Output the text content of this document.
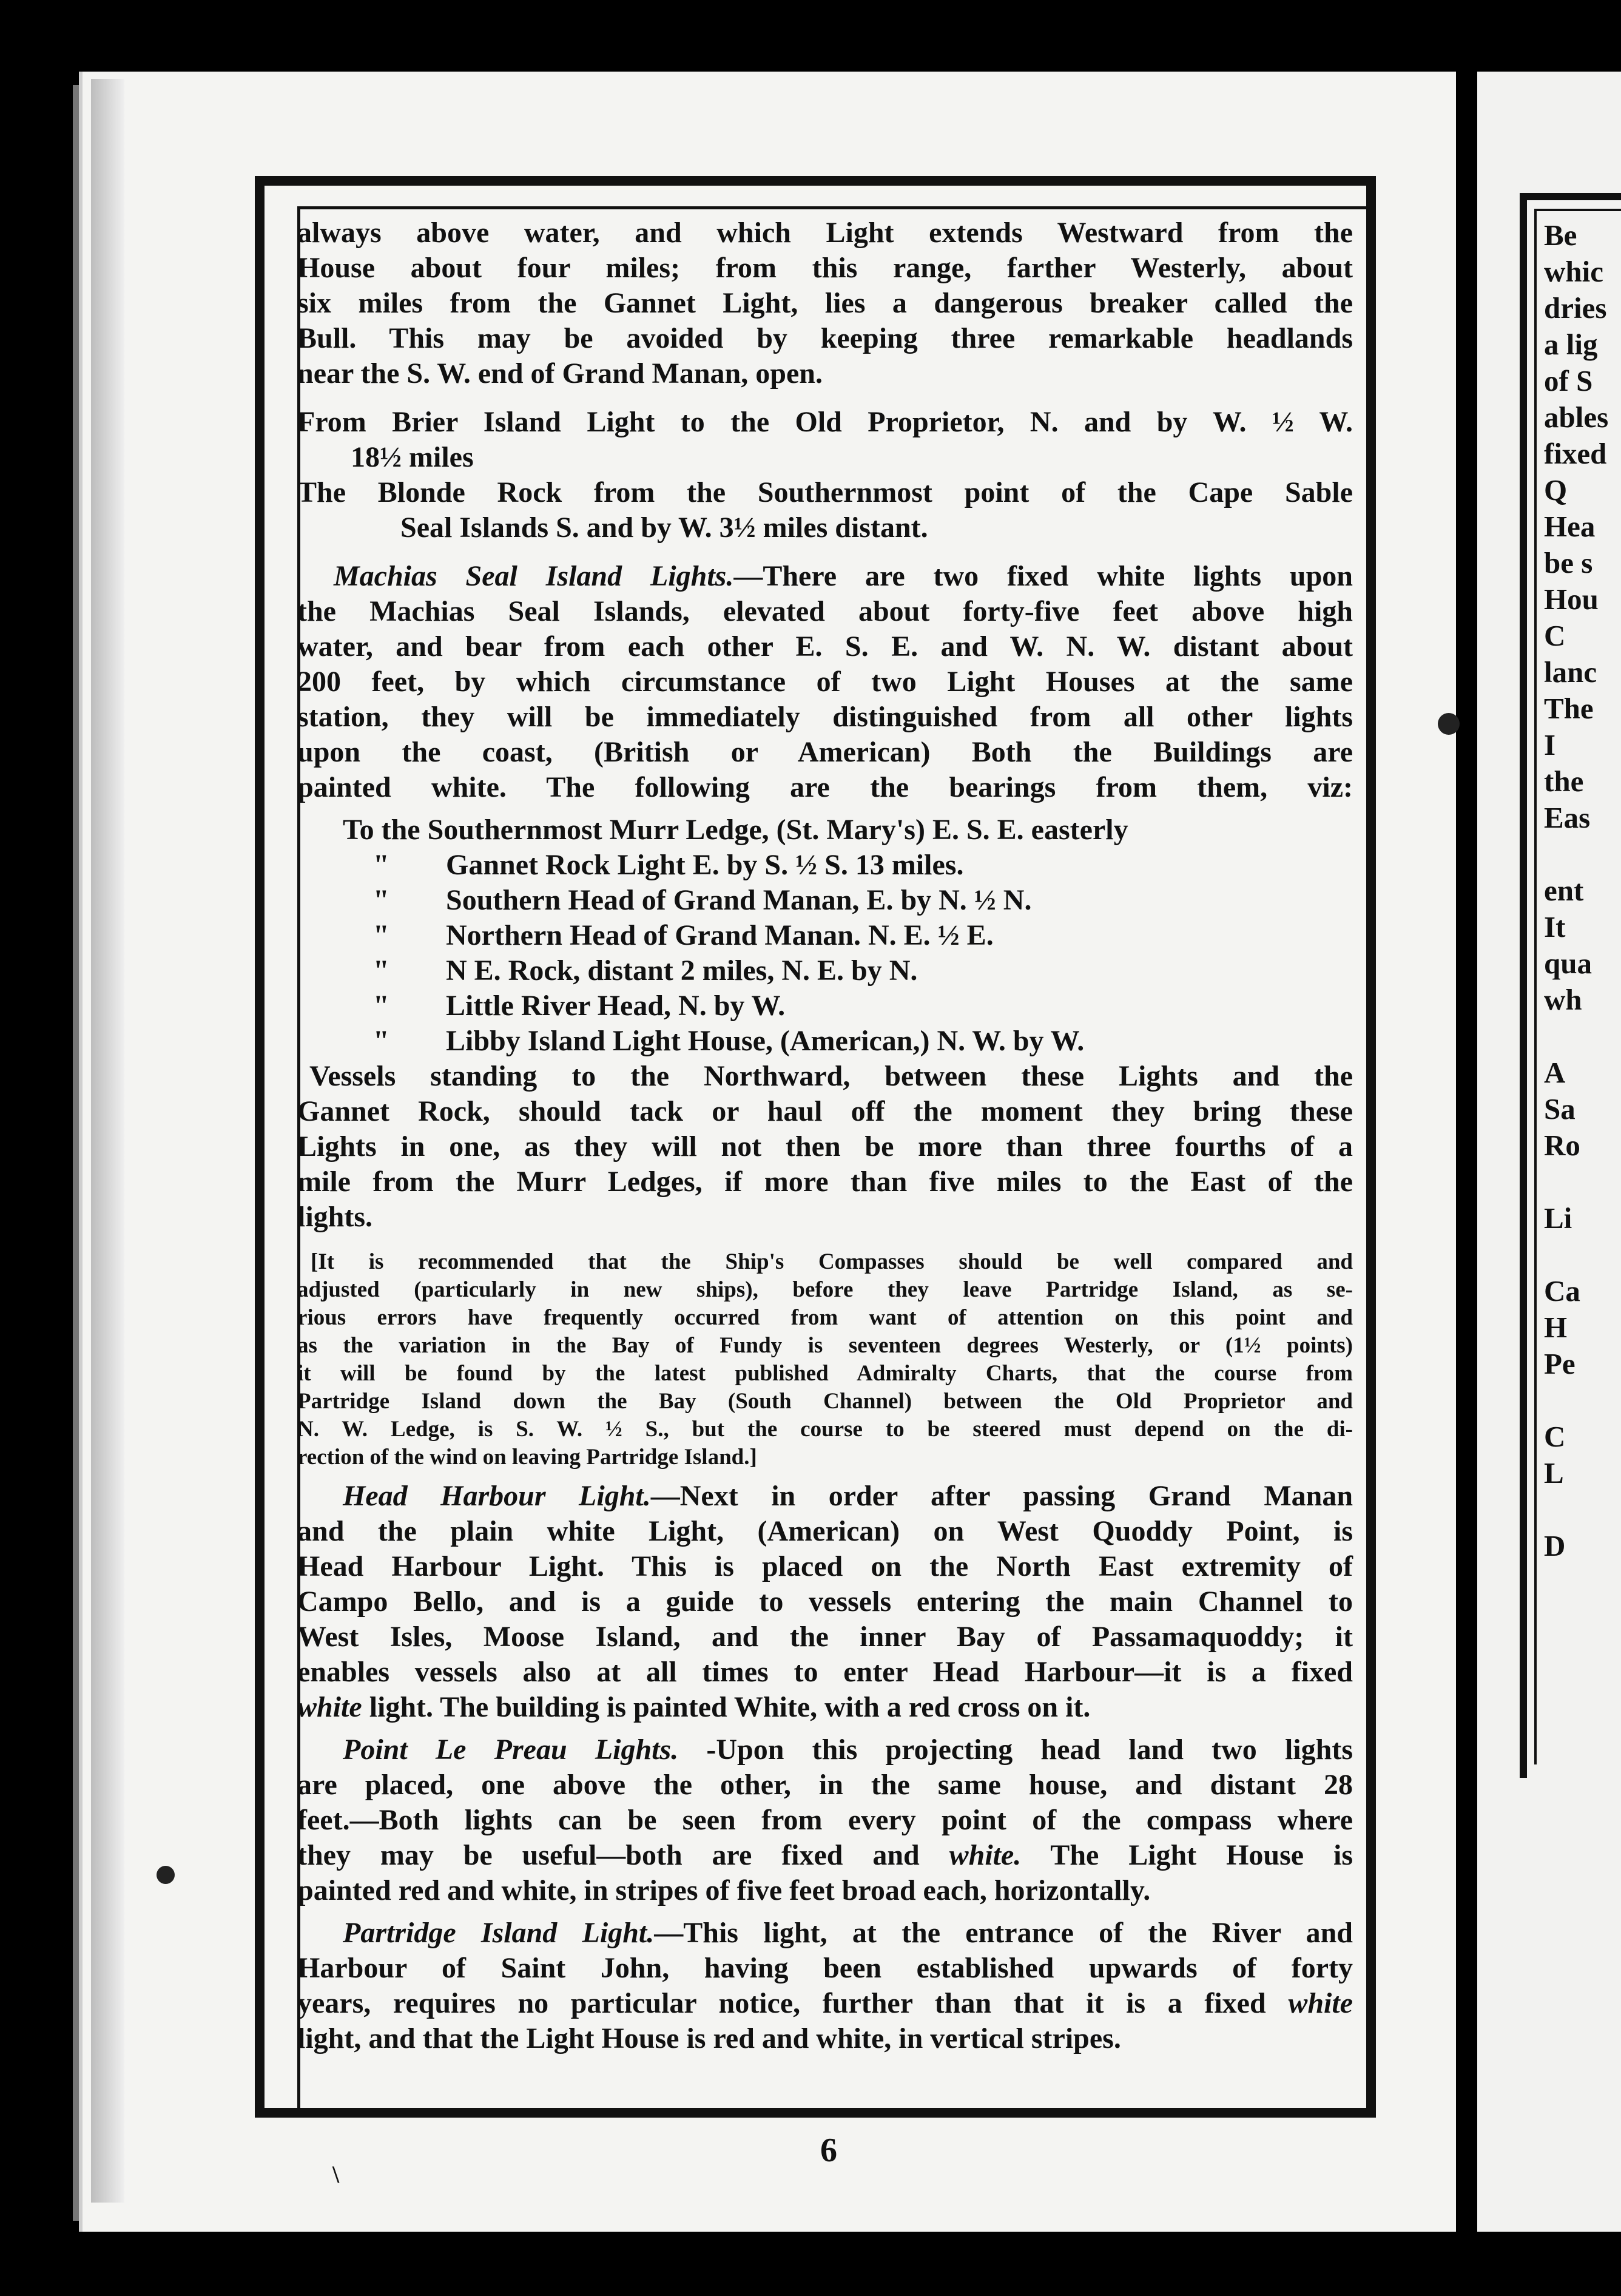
Be
whic
dries
a lig
of S
ables
fixed
Q
Hea
be s
Hou
C
lanc
The
I
the
Eas
ent
It
qua
wh
A
Sa
Ro
Li
Ca
H
Pe
C
L
D
always above water, and which Light extends Westward from the
House about four miles; from this range, farther Westerly, about
six miles from the Gannet Light, lies a dangerous breaker called the
Bull. This may be avoided by keeping three remarkable headlands
near the S. W. end of Grand Manan, open.
From Brier Island Light to the Old Proprietor, N. and by W. ½ W.
18½ miles
The Blonde Rock from the Southernmost point of the Cape Sable
Seal Islands S. and by W. 3½ miles distant.
Machias Seal Island Lights.—There are two fixed white lights upon
the Machias Seal Islands, elevated about forty-five feet above high
water, and bear from each other E. S. E. and W. N. W. distant about
200 feet, by which circumstance of two Light Houses at the same
station, they will be immediately distinguished from all other lights
upon the coast, (British or American) Both the Buildings are
painted white. The following are the bearings from them, viz:
To the Southernmost Murr Ledge, (St. Mary's) E. S. E. easterly
" Gannet Rock Light E. by S. ½ S. 13 miles.
" Southern Head of Grand Manan, E. by N. ½ N.
" Northern Head of Grand Manan. N. E. ½ E.
" N E. Rock, distant 2 miles, N. E. by N.
" Little River Head, N. by W.
" Libby Island Light House, (American,) N. W. by W.
Vessels standing to the Northward, between these Lights and the
Gannet Rock, should tack or haul off the moment they bring these
Lights in one, as they will not then be more than three fourths of a
mile from the Murr Ledges, if more than five miles to the East of the
lights.
[It is recommended that the Ship's Compasses should be well compared and
adjusted (particularly in new ships), before they leave Partridge Island, as se-
rious errors have frequently occurred from want of attention on this point and
as the variation in the Bay of Fundy is seventeen degrees Westerly, or (1½ points)
it will be found by the latest published Admiralty Charts, that the course from
Partridge Island down the Bay (South Channel) between the Old Proprietor and
N. W. Ledge, is S. W. ½ S., but the course to be steered must depend on the di-
rection of the wind on leaving Partridge Island.]
Head Harbour Light.—Next in order after passing Grand Manan
and the plain white Light, (American) on West Quoddy Point, is
Head Harbour Light. This is placed on the North East extremity of
Campo Bello, and is a guide to vessels entering the main Channel to
West Isles, Moose Island, and the inner Bay of Passamaquoddy; it
enables vessels also at all times to enter Head Harbour—it is a fixed
white light. The building is painted White, with a red cross on it.
Point Le Preau Lights. -Upon this projecting head land two lights
are placed, one above the other, in the same house, and distant 28
feet.—Both lights can be seen from every point of the compass where
they may be useful—both are fixed and white. The Light House is
painted red and white, in stripes of five feet broad each, horizontally.
Partridge Island Light.—This light, at the entrance of the River and
Harbour of Saint John, having been established upwards of forty
years, requires no particular notice, further than that it is a fixed white
light, and that the Light House is red and white, in vertical stripes.
6
\
